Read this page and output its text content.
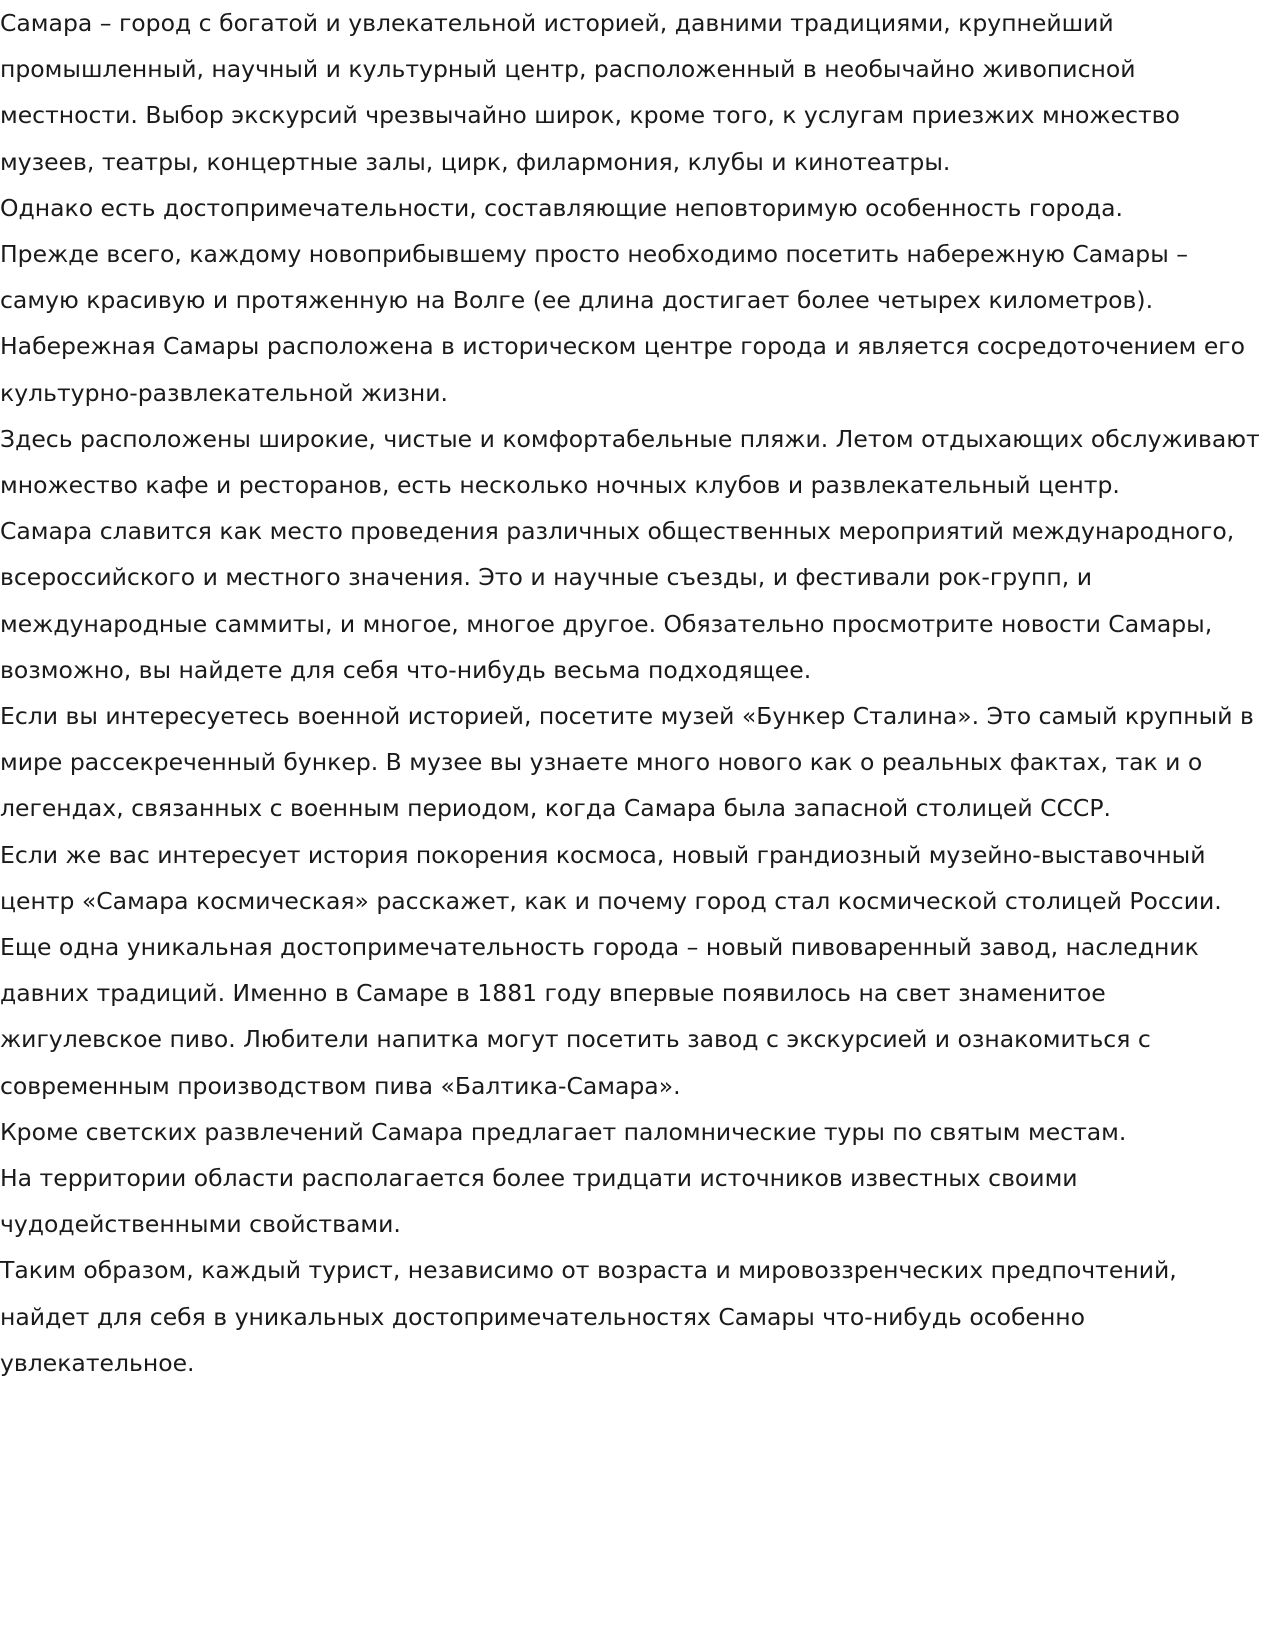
Самара – город с богатой и увлекательной историей, давними традициями, крупнейший промышленный, научный и культурный центр, расположенный в необычайно живописной местности. Выбор экскурсий чрезвычайно широк, кроме того, к услугам приезжих множество музеев, театры, концертные залы, цирк, филармония, клубы и кинотеатры.

Однако есть достопримечательности, составляющие неповторимую особенность города.

Прежде всего, каждому новоприбывшему просто необходимо посетить набережную Самары – самую красивую и протяженную на Волге (ее длина достигает более четырех километров). Набережная Самары расположена в историческом центре города и является сосредоточением его культурно-развлекательной жизни.

Здесь расположены широкие, чистые и комфортабельные пляжи. Летом отдыхающих обслуживают множество кафе и ресторанов, есть несколько ночных клубов и развлекательный центр.

Самара славится как место проведения различных общественных мероприятий международного, всероссийского и местного значения. Это и научные съезды, и фестивали рок-групп, и международные саммиты, и многое, многое другое. Обязательно просмотрите новости Самары, возможно, вы найдете для себя что-нибудь весьма подходящее.

Если вы интересуетесь военной историей, посетите музей «Бункер Сталина». Это самый крупный в мире рассекреченный бункер. В музее вы узнаете много нового как о реальных фактах, так и о легендах, связанных с военным периодом, когда Самара была запасной столицей СССР.

Если же вас интересует история покорения космоса, новый грандиозный музейно-выставочный центр «Самара космическая» расскажет, как и почему город стал космической столицей России.

Еще одна уникальная достопримечательность города – новый пивоваренный завод, наследник давних традиций. Именно в Самаре в 1881 году впервые появилось на свет знаменитое жигулевское пиво. Любители напитка могут посетить завод с экскурсией и ознакомиться с современным производством пива «Балтика-Самара».

Кроме светских развлечений Самара предлагает паломнические туры по святым местам.

На территории области располагается более тридцати источников известных своими чудодейственными свойствами.

Таким образом, каждый турист, независимо от возраста и мировоззренческих предпочтений, найдет для себя в уникальных достопримечательностях Самары что-нибудь особенно увлекательное.
